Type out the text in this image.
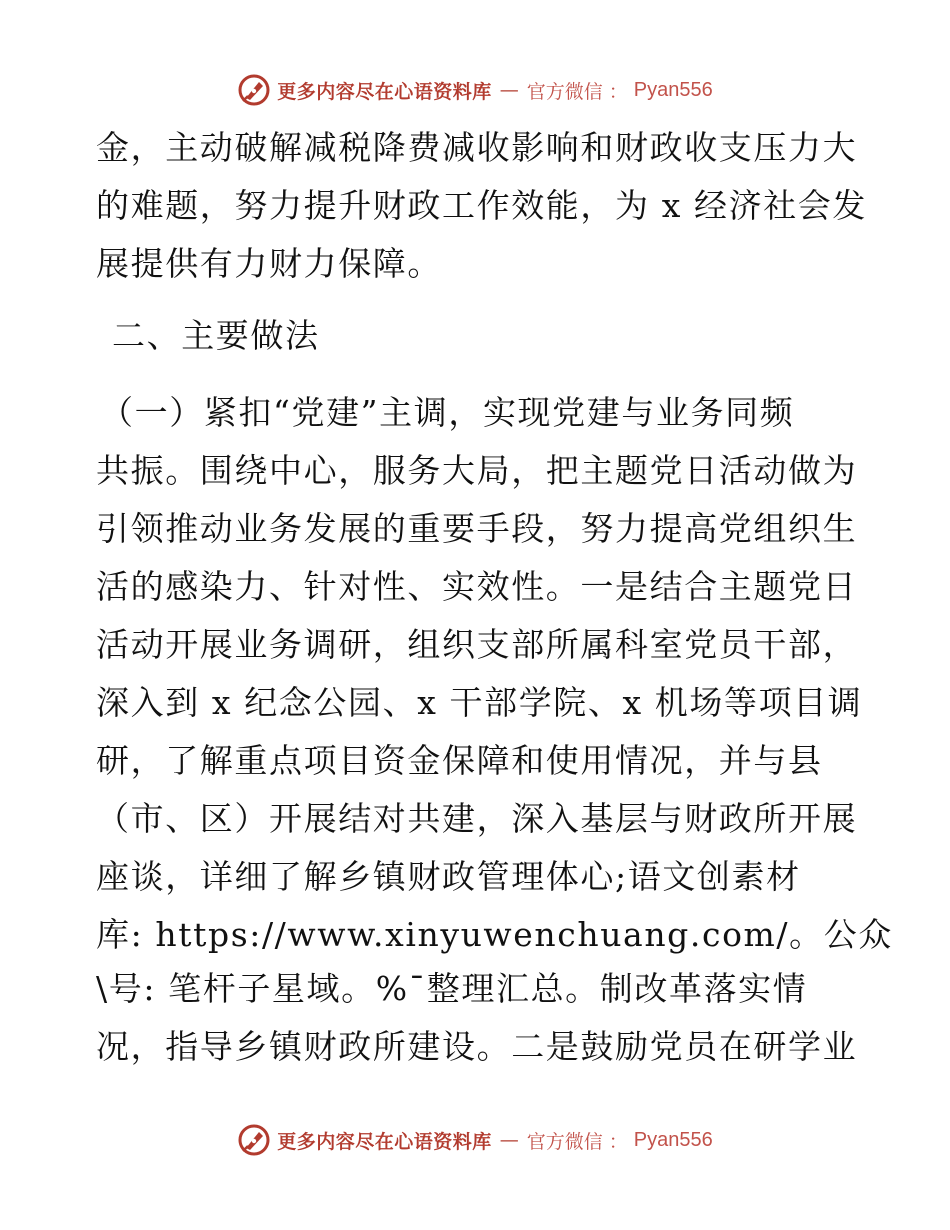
更多内容尽在心语资料库 — 官方微信 ： Pyan556
金，主动破解减税降费减收影响和财政收支压力大
的难题，努力提升财政工作效能，为 x 经济社会发
展提供有力财力保障。
二、主要做法
（一）紧扣“党建”主调，实现党建与业务同频
共振。围绕中心，服务大局，把主题党日活动做为
引领推动业务发展的重要手段，努力提高党组织生
活的感染力、针对性、实效性。一是结合主题党日
活动开展业务调研，组织支部所属科室党员干部，
深入到 x 纪念公园、x 干部学院、x 机场等项目调
研，了解重点项目资金保障和使用情况，并与县
（市、区）开展结对共建，深入基层与财政所开展
座谈，详细了解乡镇财政管理体心;语文创素材
库: https://www.xinyuwenchuang.com/。公众
\号: 笔杆子星域。%¯整理汇总。制改革落实情
况，指导乡镇财政所建设。二是鼓励党员在研学业
更多内容尽在心语资料库 — 官方微信 ： Pyan556
